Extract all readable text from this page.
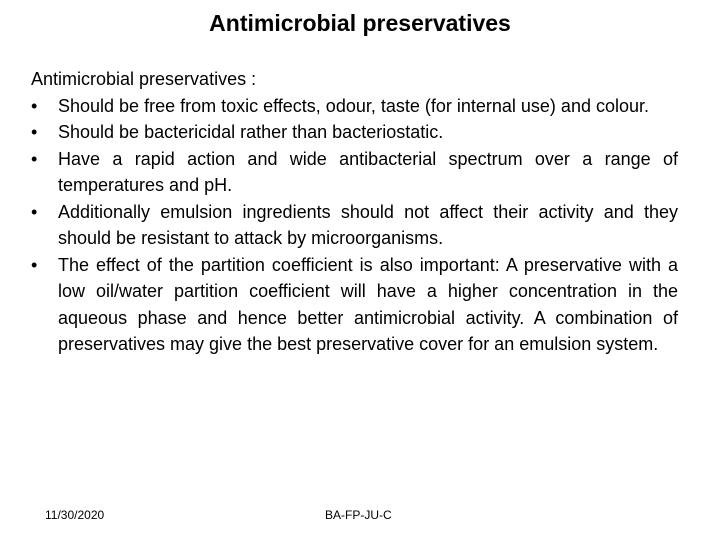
Antimicrobial preservatives

Antimicrobial preservatives :

•	Should be free from toxic effects, odour, taste (for internal use) and colour.
•	Should be bactericidal rather than bacteriostatic.
•	Have a rapid action and wide antibacterial spectrum over a range of temperatures and pH.
•	Additionally emulsion ingredients should not affect their activity and they should be resistant to attack by microorganisms.
•	The effect of the partition coefficient is also important: A preservative with a low oil/water partition coefficient will have a higher concentration in the aqueous phase and hence better antimicrobial activity. A combination of preservatives may give the best preservative cover for an emulsion system.
11/30/2020	BA-FP-JU-C
